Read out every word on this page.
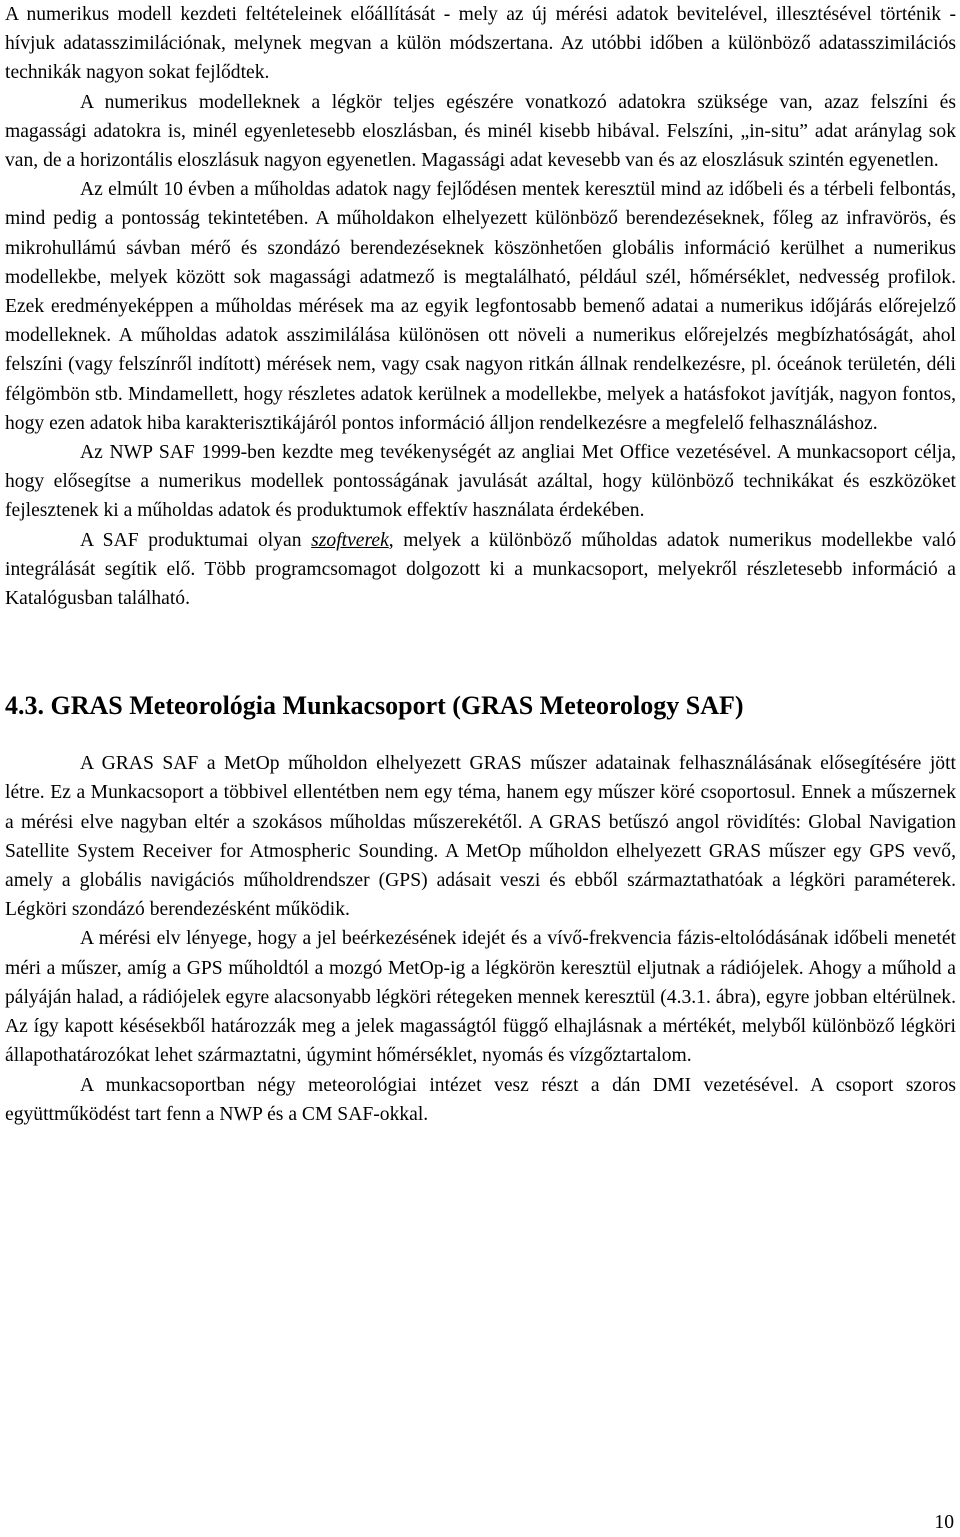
A numerikus modell kezdeti feltételeinek előállítását - mely az új mérési adatok bevitelével, illesztésével történik - hívjuk adatasszimilációnak, melynek megvan a külön módszertana. Az utóbbi időben a különböző adatasszimilációs technikák nagyon sokat fejlődtek.

A numerikus modelleknek a légkör teljes egészére vonatkozó adatokra szüksége van, azaz felszíni és magassági adatokra is, minél egyenletesebb eloszlásban, és minél kisebb hibával. Felszíni, „in-situ” adat aránylag sok van, de a horizontális eloszlásuk nagyon egyenetlen. Magassági adat kevesebb van és az eloszlásuk szintén egyenetlen.

Az elmúlt 10 évben a műholdas adatok nagy fejlődésen mentek keresztül mind az időbeli és a térbeli felbontás, mind pedig a pontosság tekintetében. A műholdakon elhelyezett különböző berendezéseknek, főleg az infravörös, és mikrohullámú sávban mérő és szondázó berendezéseknek köszönhetően globális információ kerülhet a numerikus modellekbe, melyek között sok magassági adatmező is megtalálható, például szél, hőmérséklet, nedvesség profilok. Ezek eredményeképpen a műholdas mérések ma az egyik legfontosabb bemenő adatai a numerikus időjárás előrejelző modelleknek. A műholdas adatok asszimilálása különösen ott növeli a numerikus előrejelzés megbízhatóságát, ahol felszíni (vagy felszínről indított) mérések nem, vagy csak nagyon ritkán állnak rendelkezésre, pl. óceánok területén, déli félgömbön stb. Mindamellett, hogy részletes adatok kerülnek a modellekbe, melyek a hatásfokot javítják, nagyon fontos, hogy ezen adatok hiba karakterisztikájáról pontos információ álljon rendelkezésre a megfelelő felhasználáshoz.

Az NWP SAF 1999-ben kezdte meg tevékenységét az angliai Met Office vezetésével. A munkacsoport célja, hogy elősegítse a numerikus modellek pontosságának javulását azáltal, hogy különböző technikákat és eszközöket fejlesztenek ki a műholdas adatok és produktumok effektív használata érdekében.

A SAF produktumai olyan szoftverek, melyek a különböző műholdas adatok numerikus modellekbe való integrálását segítik elő. Több programcsomagot dolgozott ki a munkacsoport, melyekről részletesebb információ a Katalógusban található.

4.3. GRAS Meteorológia Munkacsoport (GRAS Meteorology SAF)

A GRAS SAF a MetOp műholdon elhelyezett GRAS műszer adatainak felhasználásának elősegítésére jött létre. Ez a Munkacsoport a többivel ellentétben nem egy téma, hanem egy műszer köré csoportosul. Ennek a műszernek a mérési elve nagyban eltér a szokásos műholdas műszerekétől. A GRAS betűszó angol rövidítés: Global Navigation Satellite System Receiver for Atmospheric Sounding. A MetOp műholdon elhelyezett GRAS műszer egy GPS vevő, amely a globális navigációs műholdrendszer (GPS) adásait veszi és ebből származtathatóak a légköri paraméterek. Légköri szondázó berendezésként működik.

A mérési elv lényege, hogy a jel beérkezésének idejét és a vívő-frekvencia fázis-eltolódásának időbeli menetét méri a műszer, amíg a GPS műholdtól a mozgó MetOp-ig a légkörön keresztül eljutnak a rádiójelek. Ahogy a műhold a pályáján halad, a rádiójelek egyre alacsonyabb légköri rétegeken mennek keresztül (4.3.1. ábra), egyre jobban eltérülnek. Az így kapott késésekből határozzák meg a jelek magasságtól függő elhajlásnak a mértékét, melyből különböző légköri állapothatározókat lehet származtatni, úgymint hőmérséklet, nyomás és vízgőztartalom.

A munkacsoportban négy meteorológiai intézet vesz részt a dán DMI vezetésével. A csoport szoros együttműködést tart fenn a NWP és a CM SAF-okkal.

10
